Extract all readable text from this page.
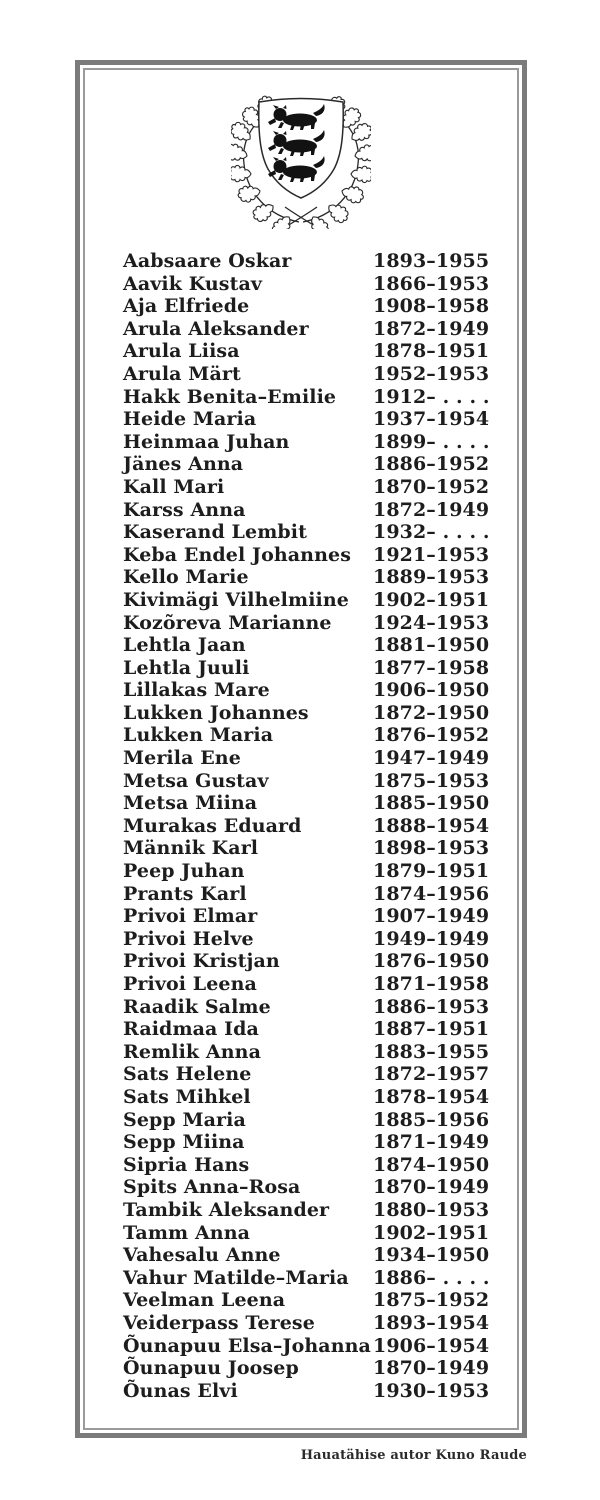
Aabsaare Oskar	1893–1955
Aavik Kustav	1866–1953
Aja Elfriede	1908–1958
Arula Aleksander	1872–1949
Arula Liisa	1878–1951
Arula Märt	1952–1953
Hakk Benita–Emilie	1912– . . . .
Heide Maria	1937–1954
Heinmaa Juhan	1899– . . . .
Jänes Anna	1886–1952
Kall Mari	1870–1952
Karss Anna	1872–1949
Kaserand Lembit	1932– . . . .
Keba Endel Johannes	1921–1953
Kello Marie	1889–1953
Kivimägi Vilhelmiine	1902–1951
Kozõreva Marianne	1924–1953
Lehtla Jaan	1881–1950
Lehtla Juuli	1877–1958
Lillakas Mare	1906–1950
Lukken Johannes	1872–1950
Lukken Maria	1876–1952
Merila Ene	1947–1949
Metsa Gustav	1875–1953
Metsa Miina	1885–1950
Murakas Eduard	1888–1954
Männik Karl	1898–1953
Peep Juhan	1879–1951
Prants Karl	1874–1956
Privoi Elmar	1907–1949
Privoi Helve	1949–1949
Privoi Kristjan	1876–1950
Privoi Leena	1871–1958
Raadik Salme	1886–1953
Raidmaa Ida	1887–1951
Remlik Anna	1883–1955
Sats Helene	1872–1957
Sats Mihkel	1878–1954
Sepp Maria	1885–1956
Sepp Miina	1871–1949
Sipria Hans	1874–1950
Spits Anna–Rosa	1870–1949
Tambik Aleksander	1880–1953
Tamm Anna	1902–1951
Vahesalu Anne	1934–1950
Vahur Matilde–Maria	1886– . . . .
Veelman Leena	1875–1952
Veiderpass Terese	1893–1954
Õunapuu Elsa–Johanna 1906–1954
Õunapuu Joosep	1870–1949
Õunas Elvi	1930–1953
Hauatähise autor Kuno Raude
